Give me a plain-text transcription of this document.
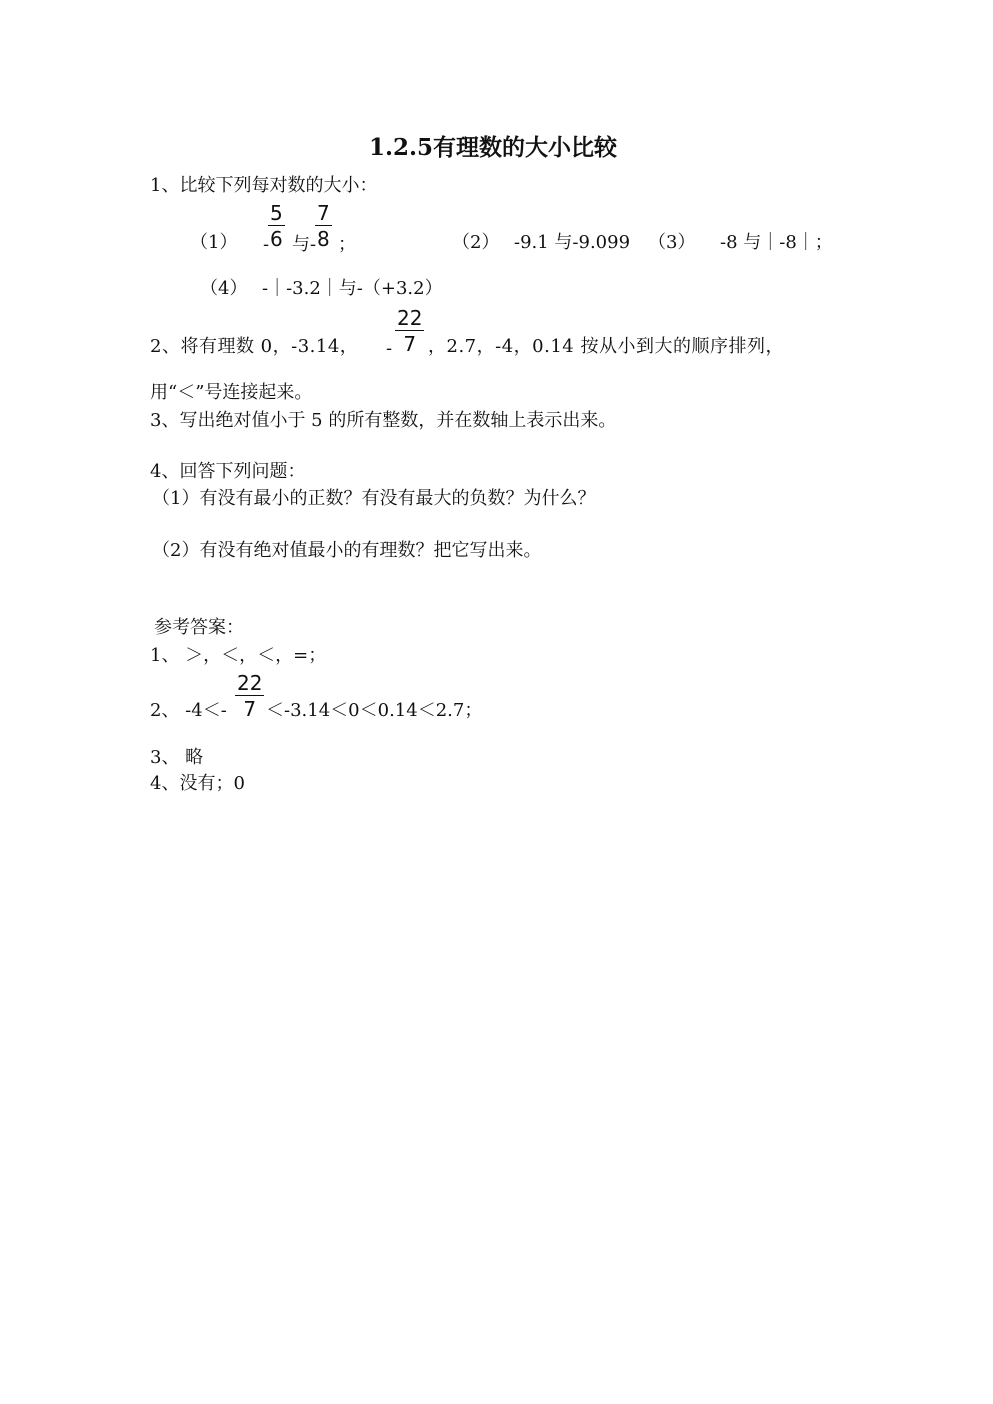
1.2.5有理数的大小比较
1、比较下列每对数的大小：
（1） -
$\frac{5}{6}$ 与 -
$\frac{7}{8}$ ；	（2） -9.1 与-9.099 （3） -8 与｜-8｜；
（4） -｜-3.2｜与-（+3.2）
2、将有理数 0，-3.14， - $\frac{22}{7}$ ，2.7，-4，0.14 按从小到大的顺序排列，
用“＜”号连接起来。
3、写出绝对值小于 5 的所有整数，并在数轴上表示出来。
4、回答下列问题：
（1）有没有最小的正数？有没有最大的负数？为什么？
（2）有没有绝对值最小的有理数？把它写出来。
参考答案：
1、 ＞，＜，＜，=；
2、 $-4<- \frac{22}{7} <-3.14<0<0.14<2.7$；
3、 略
4、没有；0
